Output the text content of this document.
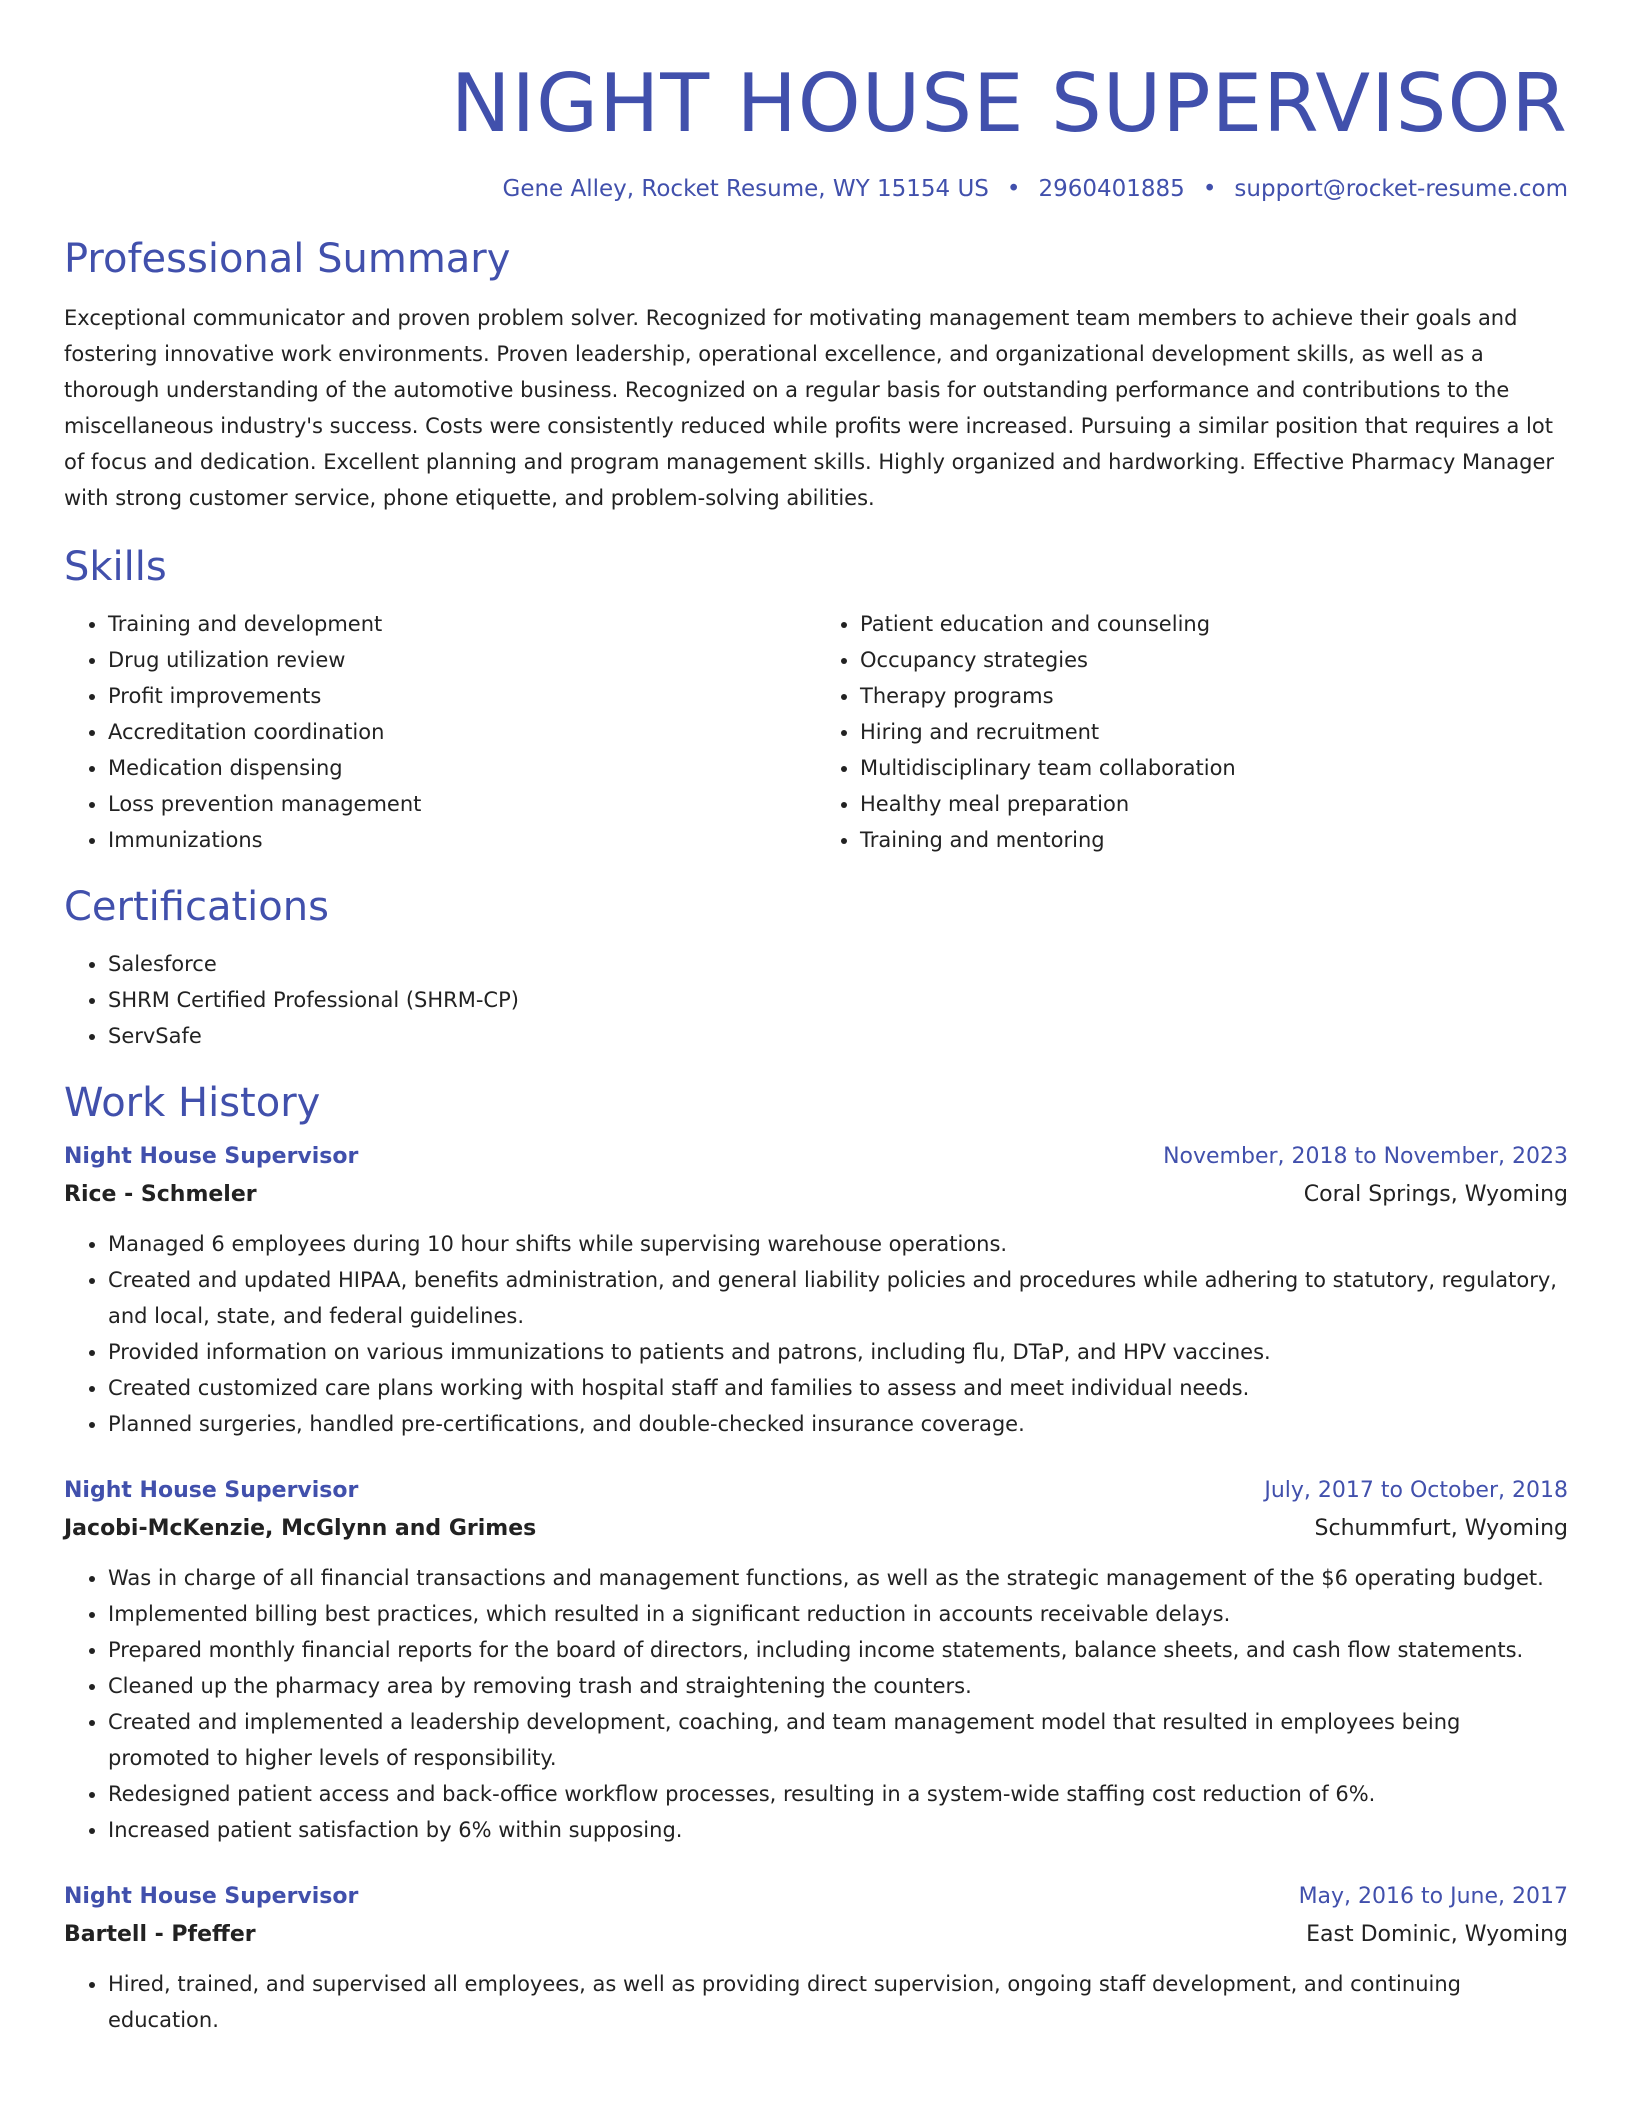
NIGHT HOUSE SUPERVISOR
Gene Alley, Rocket Resume, WY 15154 US • 2960401885 • support@rocket-resume.com
Professional Summary

Exceptional communicator and proven problem solver. Recognized for motivating management team members to achieve their goals and fostering innovative work environments. Proven leadership, operational excellence, and organizational development skills, as well as a thorough understanding of the automotive business. Recognized on a regular basis for outstanding performance and contributions to the miscellaneous industry's success. Costs were consistently reduced while profits were increased. Pursuing a similar position that requires a lot of focus and dedication. Excellent planning and program management skills. Highly organized and hardworking. Effective Pharmacy Manager with strong customer service, phone etiquette, and problem-solving abilities.

Skills
• Training and development
• Drug utilization review
• Profit improvements
• Accreditation coordination
• Medication dispensing
• Loss prevention management
• Immunizations
• Patient education and counseling
• Occupancy strategies
• Therapy programs
• Hiring and recruitment
• Multidisciplinary team collaboration
• Healthy meal preparation
• Training and mentoring
Certifications
• Salesforce
• SHRM Certified Professional (SHRM-CP)
• ServSafe
Work History
Night House Supervisor	November, 2018 to November, 2023
Rice - Schmeler	Coral Springs, Wyoming
• Managed 6 employees during 10 hour shifts while supervising warehouse operations.
• Created and updated HIPAA, benefits administration, and general liability policies and procedures while adhering to statutory, regulatory, and local, state, and federal guidelines.
• Provided information on various immunizations to patients and patrons, including flu, DTaP, and HPV vaccines.
• Created customized care plans working with hospital staff and families to assess and meet individual needs.
• Planned surgeries, handled pre-certifications, and double-checked insurance coverage.
Night House Supervisor	July, 2017 to October, 2018
Jacobi-McKenzie, McGlynn and Grimes	Schummfurt, Wyoming
• Was in charge of all financial transactions and management functions, as well as the strategic management of the $6 operating budget.
• Implemented billing best practices, which resulted in a significant reduction in accounts receivable delays.
• Prepared monthly financial reports for the board of directors, including income statements, balance sheets, and cash flow statements.
• Cleaned up the pharmacy area by removing trash and straightening the counters.
• Created and implemented a leadership development, coaching, and team management model that resulted in employees being promoted to higher levels of responsibility.
• Redesigned patient access and back-office workflow processes, resulting in a system-wide staffing cost reduction of 6%.
• Increased patient satisfaction by 6% within supposing.
Night House Supervisor	May, 2016 to June, 2017
Bartell - Pfeffer	East Dominic, Wyoming
• Hired, trained, and supervised all employees, as well as providing direct supervision, ongoing staff development, and continuing education.
